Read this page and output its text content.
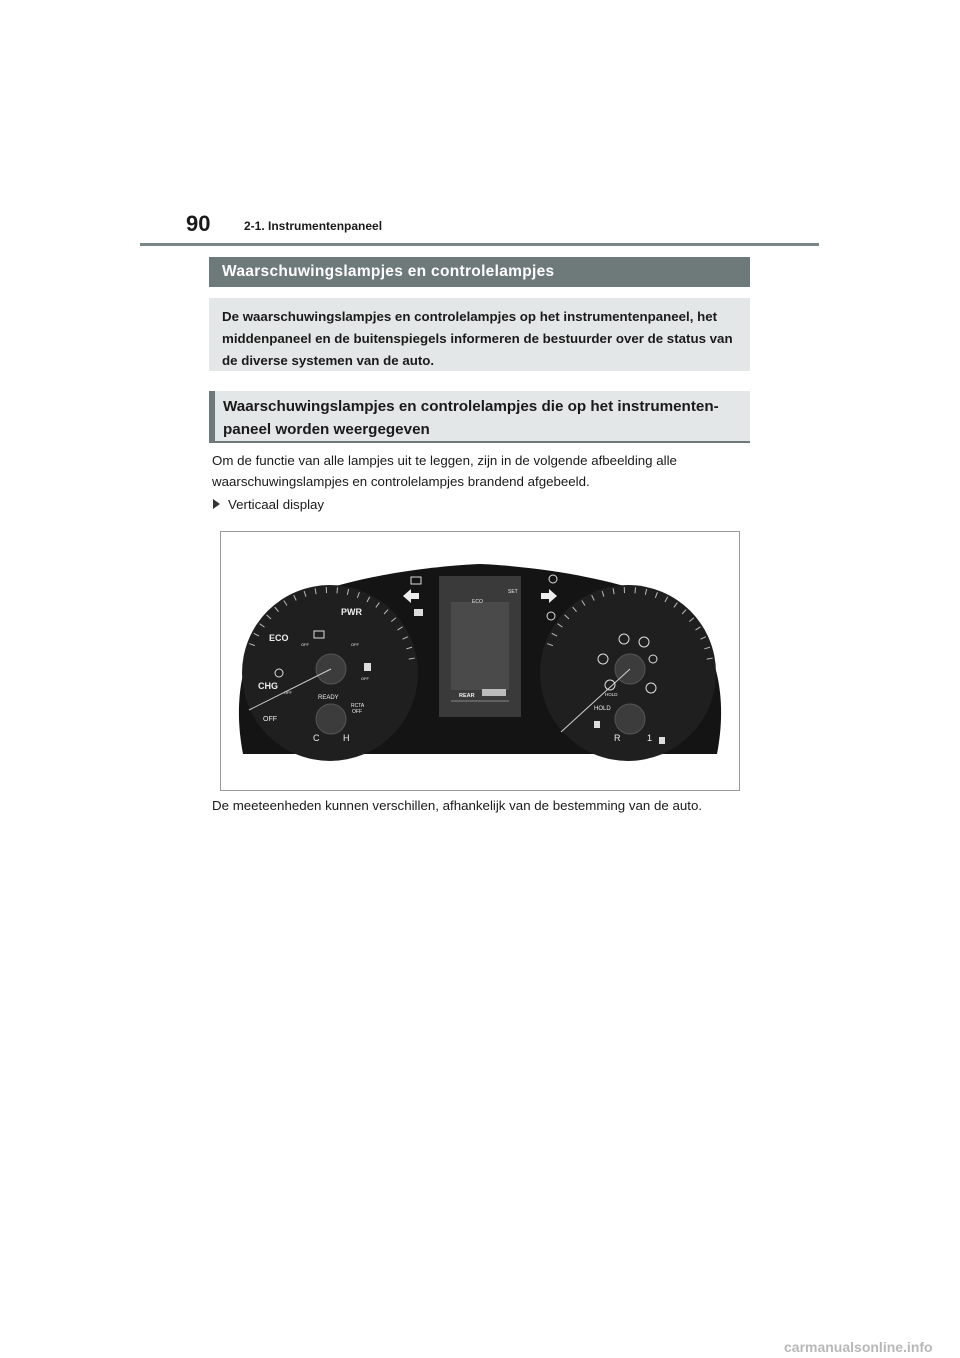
90	2-1. Instrumentenpaneel
Waarschuwingslampjes en controlelampjes
De waarschuwingslampjes en controlelampjes op het instrumentenpaneel, het middenpaneel en de buitenspiegels informeren de bestuurder over de status van de diverse systemen van de auto.
Waarschuwingslampjes en controlelampjes die op het instrumenten-
paneel worden weergegeven
Om de functie van alle lampjes uit te leggen, zijn in de volgende afbeelding alle waarschuwingslampjes en controlelampjes brandend afgebeeld.
Verticaal display
PWR
ECO
CHG
OFF
READY
RCTA
OFF
C	H
REAR
ECO
SET
HOLD
HOLD
R	1
OFF	OFF
OFF
OFF
De meeteenheden kunnen verschillen, afhankelijk van de bestemming van de auto.
carmanualsonline.info
